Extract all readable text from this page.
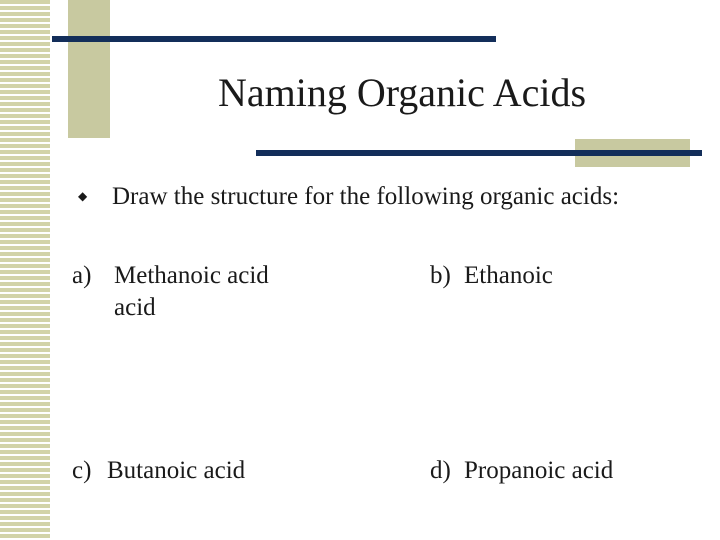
Naming Organic Acids
◆ Draw the structure for the following organic acids:
a) Methanoic acid
acid
b) Ethanoic
c) Butanoic acid	d) Propanoic acid
